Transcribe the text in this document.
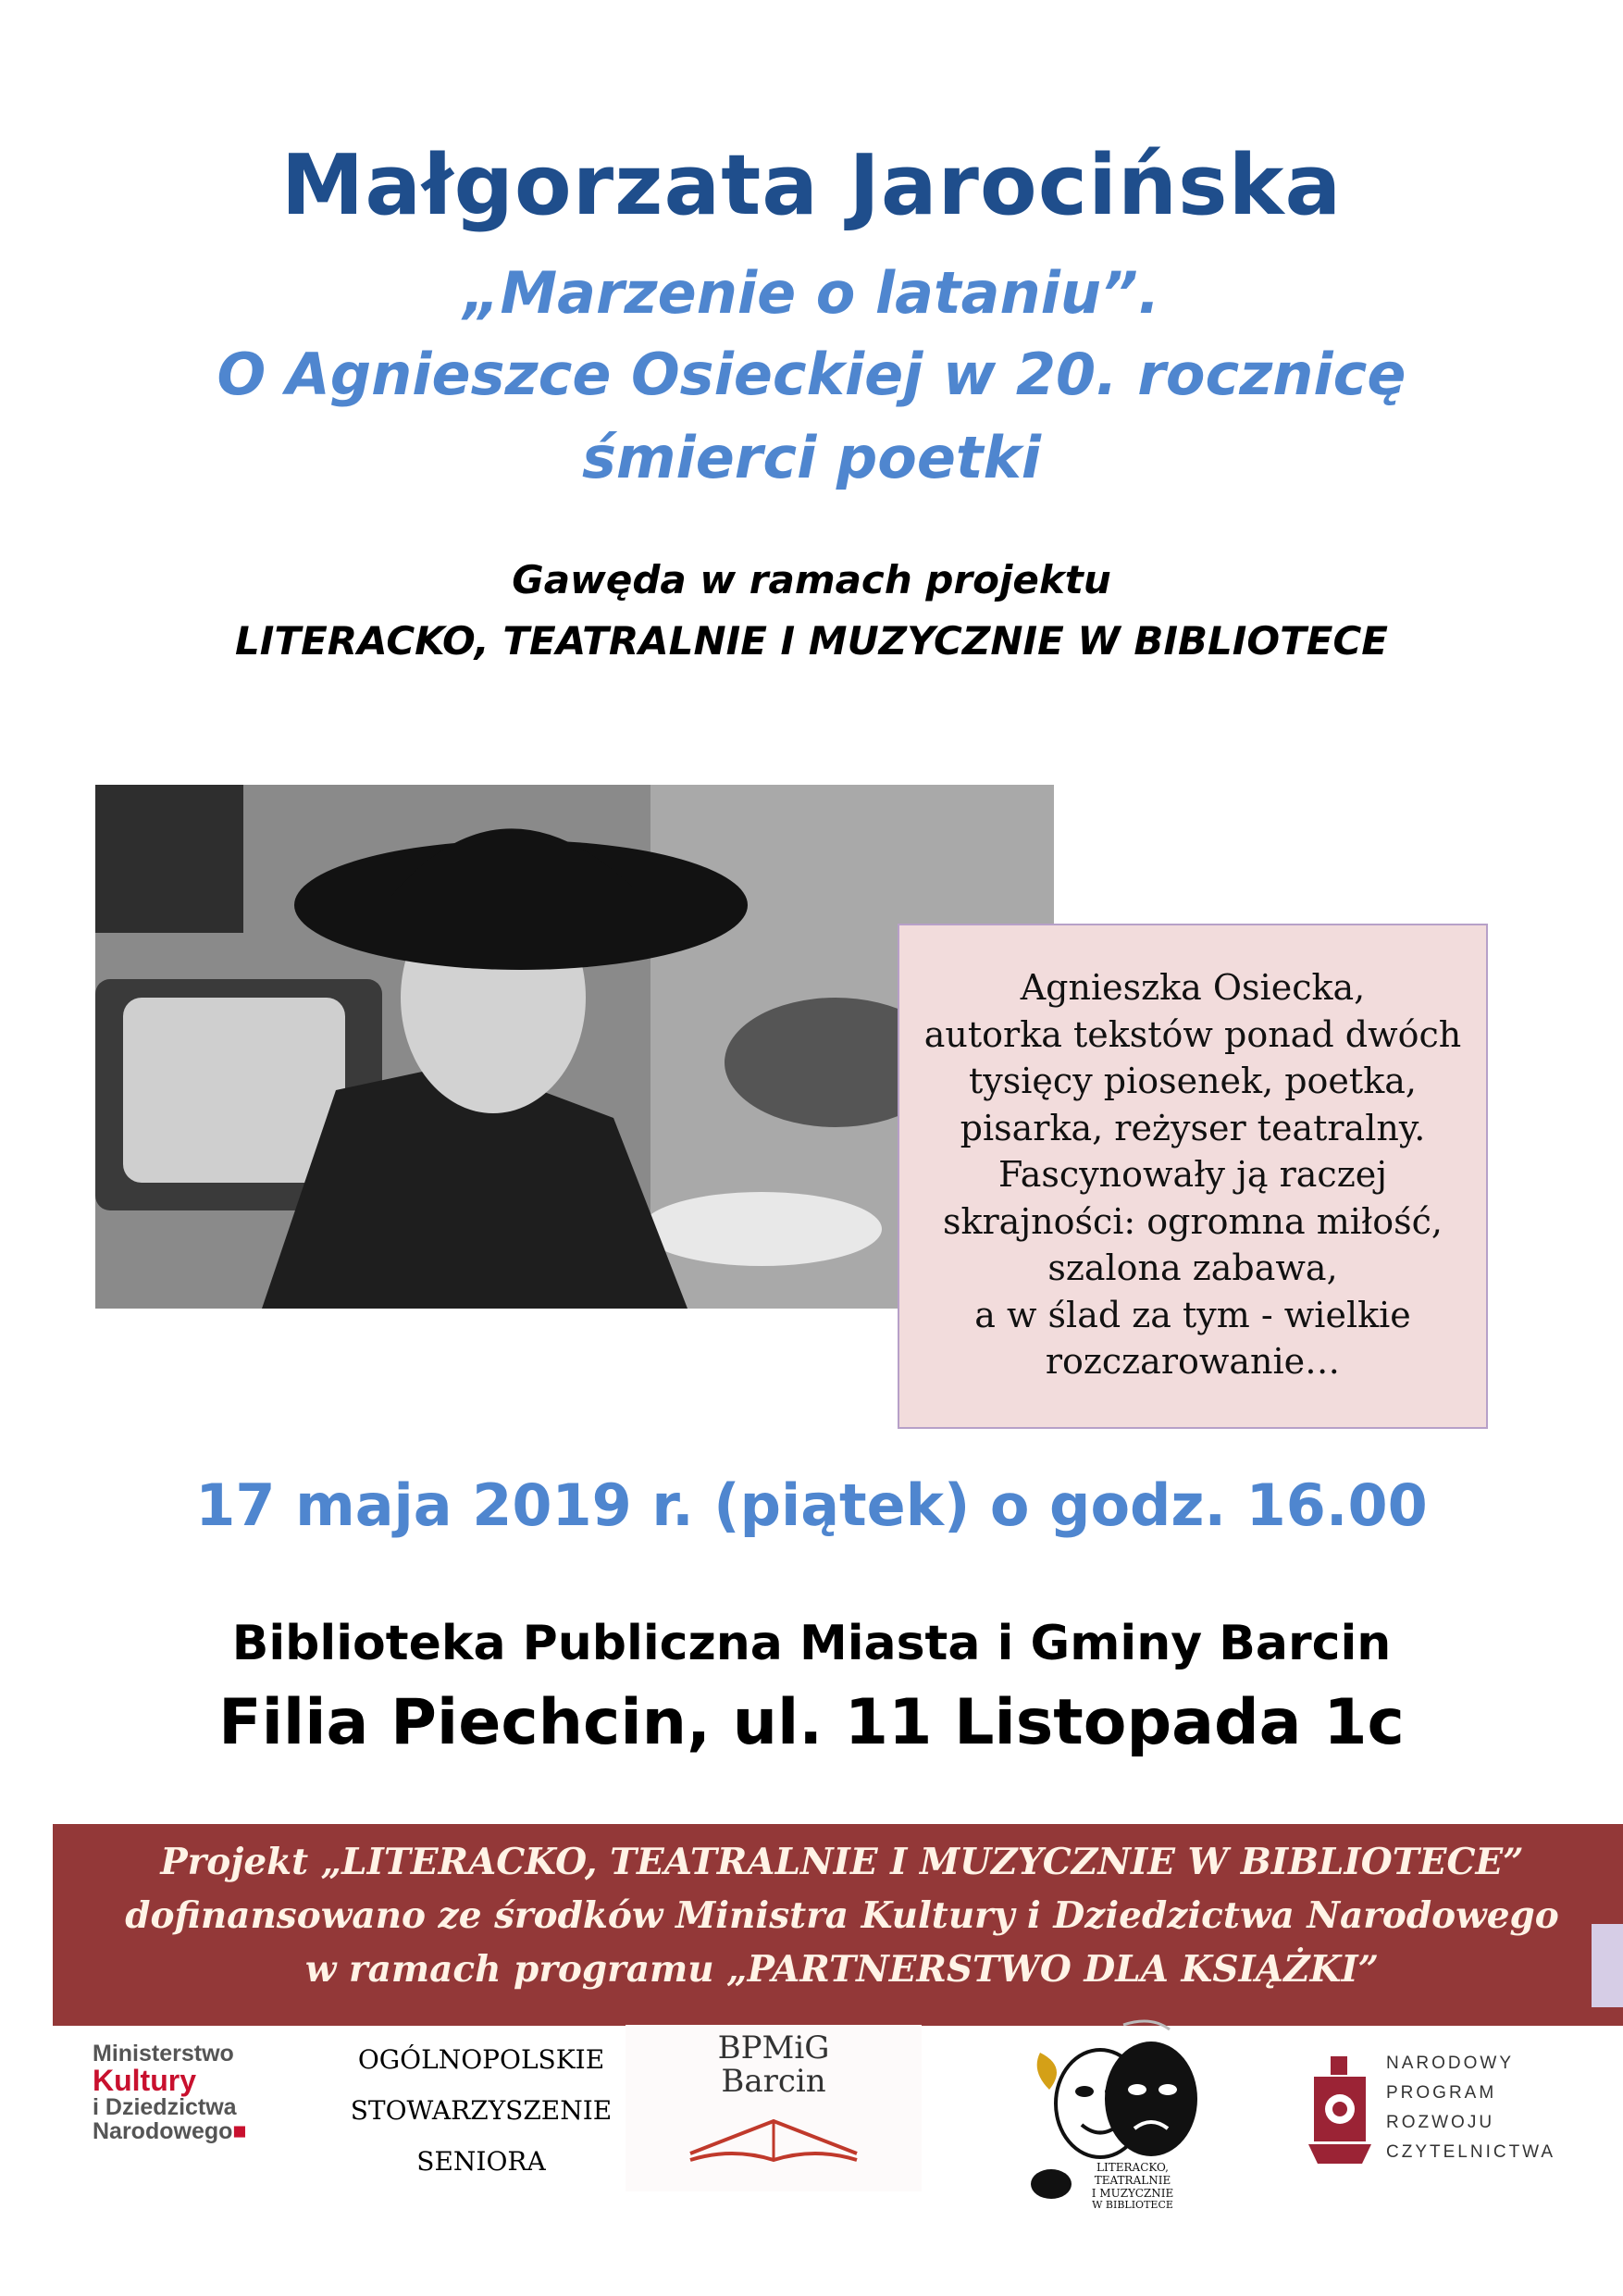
Małgorzata Jarocińska
„Marzenie o lataniu”.
O Agnieszce Osieckiej w 20. rocznicę
śmierci poetki
Gawęda w ramach projektu
LITERACKO, TEATRALNIE I MUZYCZNIE W BIBLIOTECE
Agnieszka Osiecka,
autorka tekstów ponad dwóch
tysięcy piosenek, poetka,
pisarka, reżyser teatralny.
Fascynowały ją raczej
skrajności: ogromna miłość,
szalona zabawa,
a w ślad za tym - wielkie
rozczarowanie…
17 maja 2019 r. (piątek) o godz. 16.00
Biblioteka Publiczna Miasta i Gminy Barcin
Filia Piechcin, ul. 11 Listopada 1c
Projekt „LITERACKO, TEATRALNIE I MUZYCZNIE W BIBLIOTECE”
dofinansowano ze środków Ministra Kultury i Dziedzictwa Narodowego
w ramach programu „PARTNERSTWO DLA KSIĄŻKI”
Ministerstwo
Kultury
i Dziedzictwa
Narodowego■
OGÓLNOPOLSKIE
STOWARZYSZENIE
SENIORA
BPMiG
Barcin
LITERACKO,
TEATRALNIE
I MUZYCZNIE
W BIBLIOTECE
NARODOWY
PROGRAM
ROZWOJU
CZYTELNICTWA
